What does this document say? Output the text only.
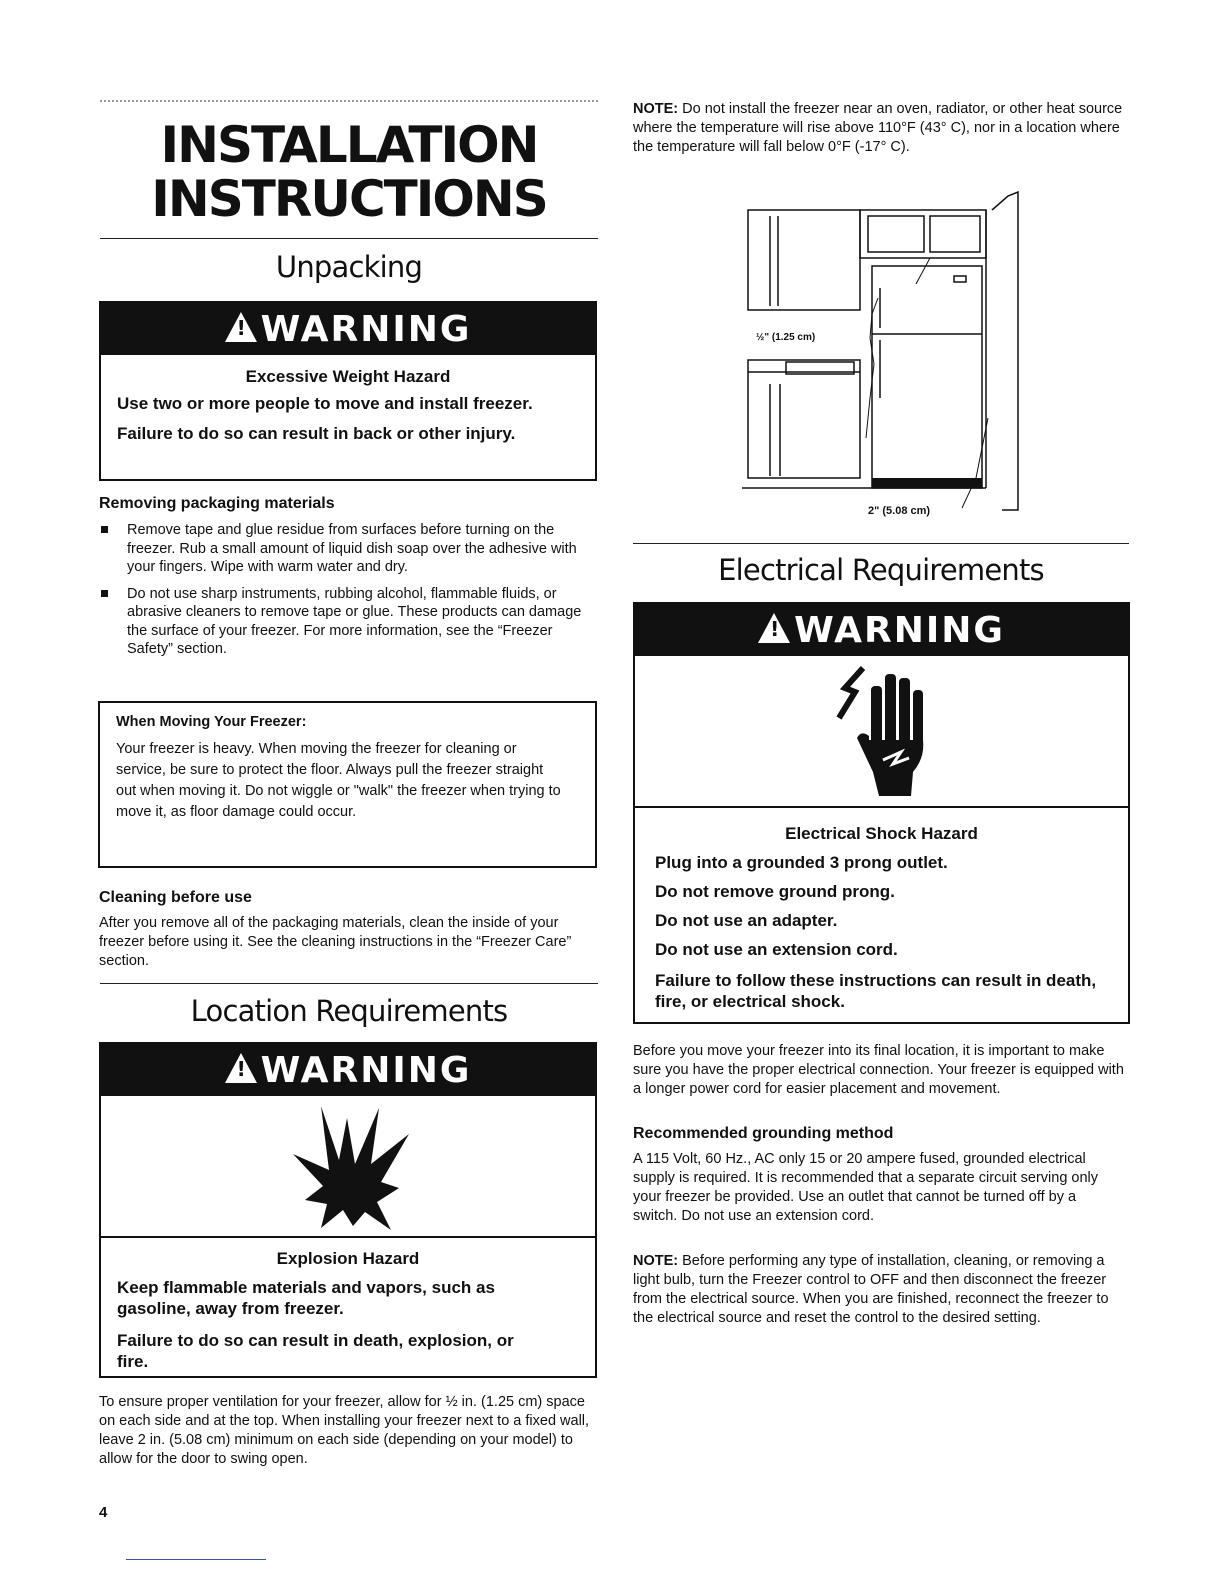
INSTALLATION
INSTRUCTIONS
Unpacking
!WARNING
Excessive Weight Hazard
Use two or more people to move and install freezer.
Failure to do so can result in back or other injury.
Removing packaging materials
Remove tape and glue residue from surfaces before turning on the freezer. Rub a small amount of liquid dish soap over the adhesive with your fingers. Wipe with warm water and dry.
Do not use sharp instruments, rubbing alcohol, flammable fluids, or abrasive cleaners to remove tape or glue. These products can damage the surface of your freezer. For more information, see the “Freezer Safety” section.
When Moving Your Freezer:
Your freezer is heavy. When moving the freezer for cleaning or service, be sure to protect the floor. Always pull the freezer straight out when moving it. Do not wiggle or "walk" the freezer when trying to move it, as floor damage could occur.
Cleaning before use
After you remove all of the packaging materials, clean the inside of your freezer before using it. See the cleaning instructions in the “Freezer Care” section.
Location Requirements
!WARNING
Explosion Hazard
Keep flammable materials and vapors, such as gasoline, away from freezer.
Failure to do so can result in death, explosion, or fire.
To ensure proper ventilation for your freezer, allow for ½ in. (1.25 cm) space on each side and at the top. When installing your freezer next to a fixed wall, leave 2 in. (5.08 cm) minimum on each side (depending on your model) to allow for the door to swing open.
4
NOTE: Do not install the freezer near an oven, radiator, or other heat source where the temperature will rise above 110°F (43° C), nor in a location where the temperature will fall below 0°F (-17° C).
½" (1.25 cm)
2" (5.08 cm)
Electrical Requirements
!WARNING
Electrical Shock Hazard
Plug into a grounded 3 prong outlet.
Do not remove ground prong.
Do not use an adapter.
Do not use an extension cord.
Failure to follow these instructions can result in death, fire, or electrical shock.
Before you move your freezer into its final location, it is important to make sure you have the proper electrical connection. Your freezer is equipped with a longer power cord for easier placement and movement.
Recommended grounding method
A 115 Volt, 60 Hz., AC only 15 or 20 ampere fused, grounded electrical supply is required. It is recommended that a separate circuit serving only your freezer be provided. Use an outlet that cannot be turned off by a switch. Do not use an extension cord.
NOTE: Before performing any type of installation, cleaning, or removing a light bulb, turn the Freezer control to OFF and then disconnect the freezer from the electrical source. When you are finished, reconnect the freezer to the electrical source and reset the control to the desired setting.
